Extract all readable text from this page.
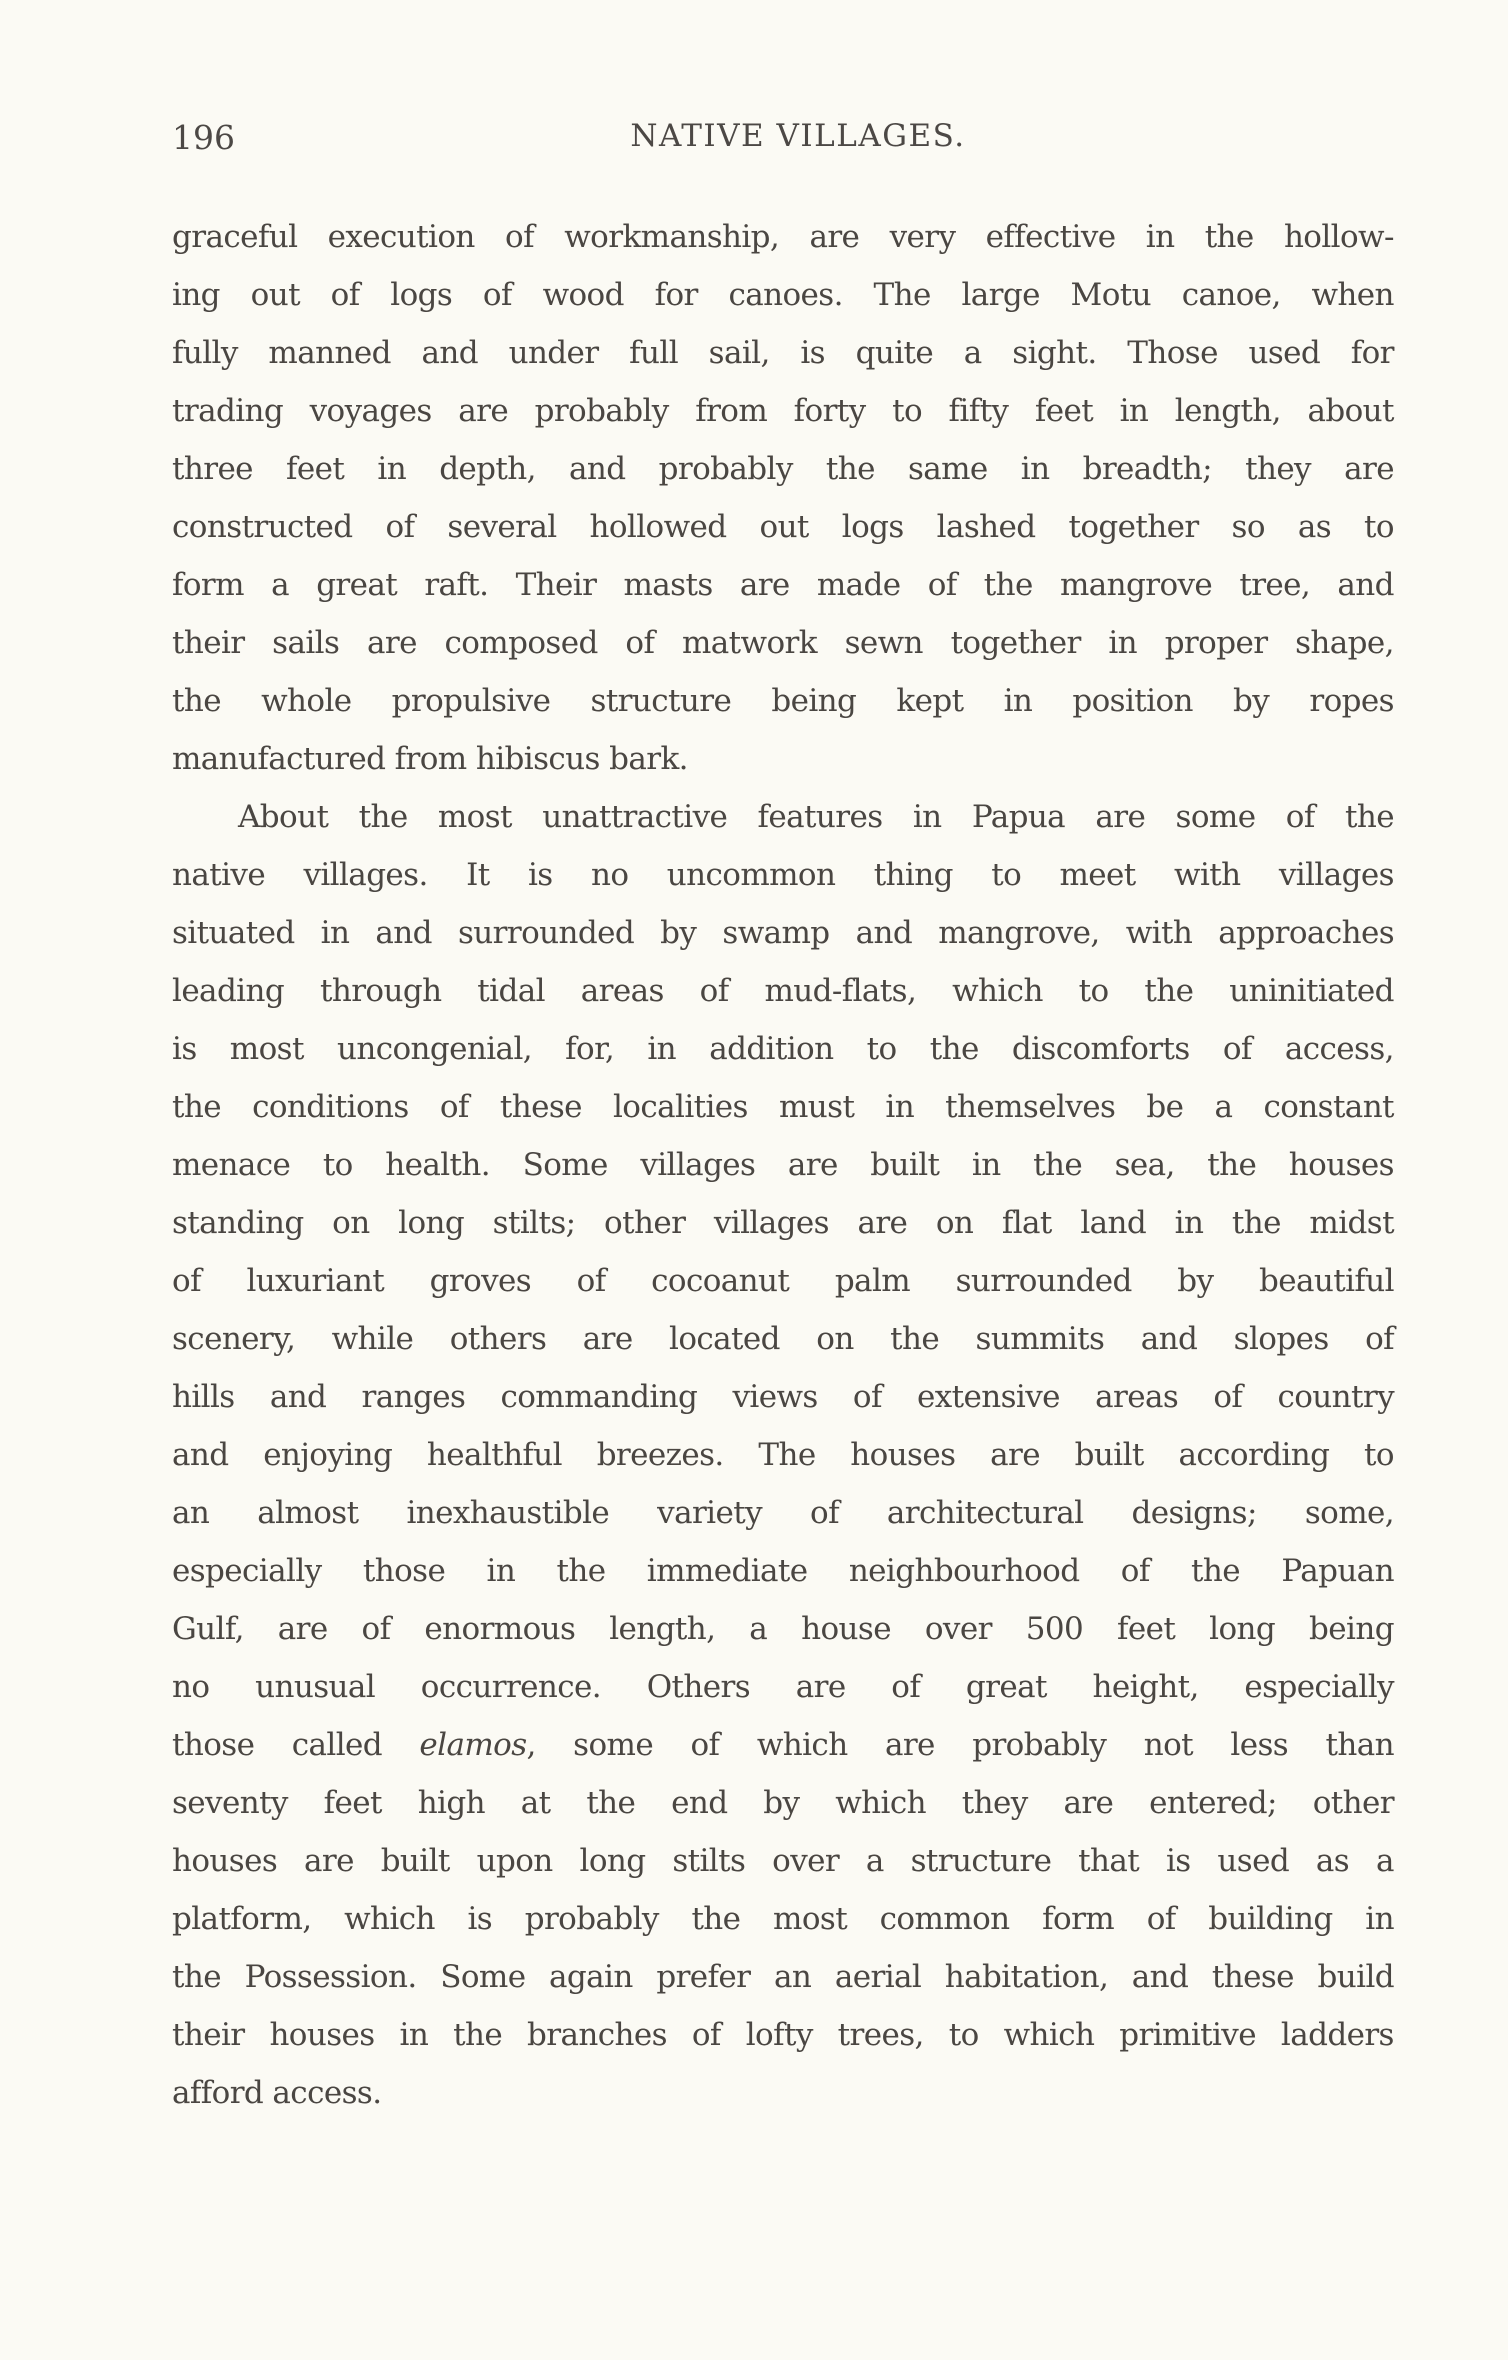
196	NATIVE VILLAGES.
graceful execution of workmanship, are very effective in the hollow-
ing out of logs of wood for canoes. The large Motu canoe, when
fully manned and under full sail, is quite a sight. Those used for
trading voyages are probably from forty to fifty feet in length, about
three feet in depth, and probably the same in breadth; they are
constructed of several hollowed out logs lashed together so as to
form a great raft. Their masts are made of the mangrove tree, and
their sails are composed of matwork sewn together in proper shape,
the whole propulsive structure being kept in position by ropes
manufactured from hibiscus bark.
About the most unattractive features in Papua are some of the
native villages. It is no uncommon thing to meet with villages
situated in and surrounded by swamp and mangrove, with approaches
leading through tidal areas of mud-flats, which to the uninitiated
is most uncongenial, for, in addition to the discomforts of access,
the conditions of these localities must in themselves be a constant
menace to health. Some villages are built in the sea, the houses
standing on long stilts; other villages are on flat land in the midst
of luxuriant groves of cocoanut palm surrounded by beautiful
scenery, while others are located on the summits and slopes of
hills and ranges commanding views of extensive areas of country
and enjoying healthful breezes. The houses are built according to
an almost inexhaustible variety of architectural designs; some,
especially those in the immediate neighbourhood of the Papuan
Gulf, are of enormous length, a house over 500 feet long being
no unusual occurrence. Others are of great height, especially
those called elamos, some of which are probably not less than
seventy feet high at the end by which they are entered; other
houses are built upon long stilts over a structure that is used as a
platform, which is probably the most common form of building in
the Possession. Some again prefer an aerial habitation, and these build
their houses in the branches of lofty trees, to which primitive ladders
afford access.
